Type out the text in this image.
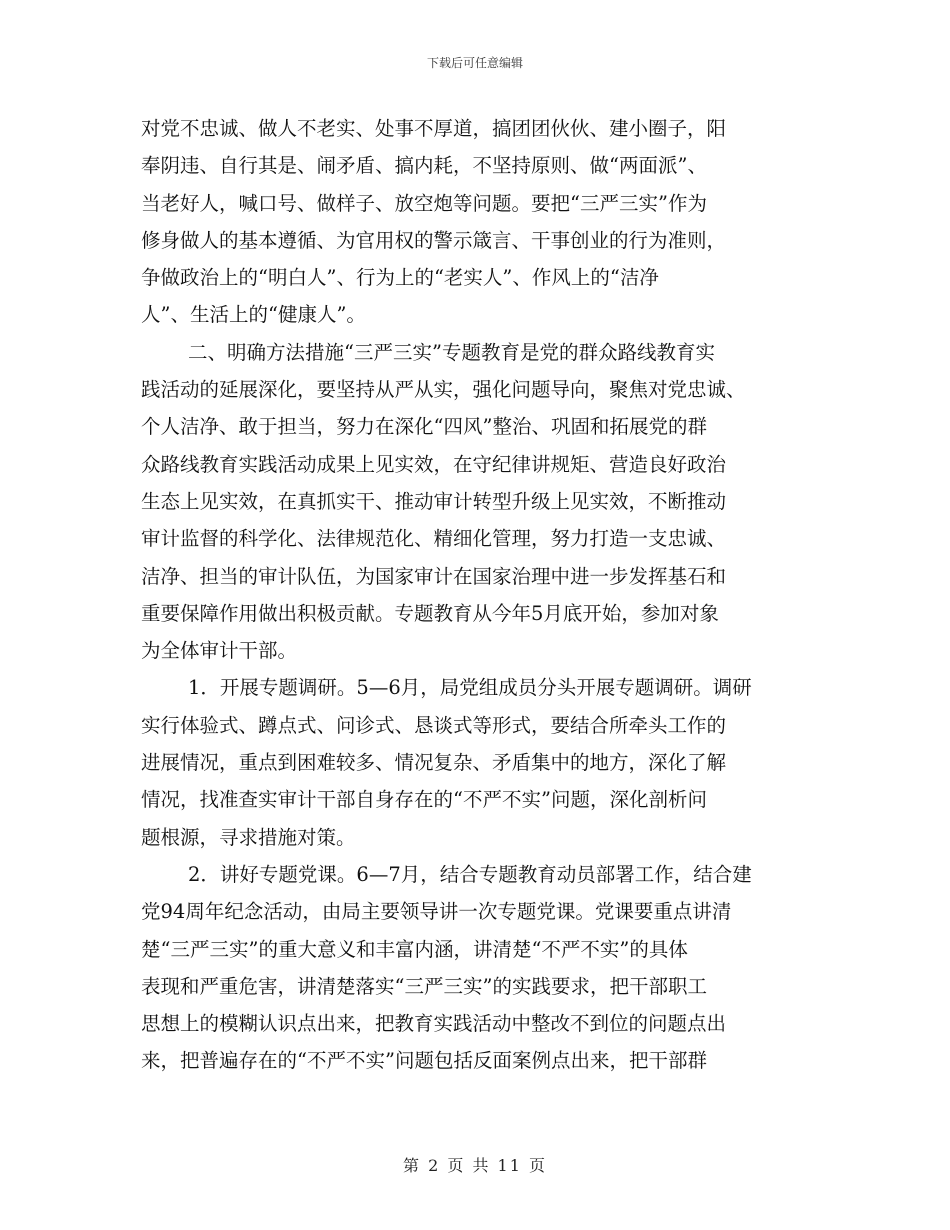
下载后可任意编辑
对党不忠诚、做人不老实、处事不厚道，搞团团伙伙、建小圈子，阳
奉阴违、自行其是、闹矛盾、搞内耗，不坚持原则、做“两面派”、
当老好人，喊口号、做样子、放空炮等问题。要把“三严三实”作为
修身做人的基本遵循、为官用权的警示箴言、干事创业的行为准则，
争做政治上的“明白人”、行为上的“老实人”、作风上的“洁净
人”、生活上的“健康人”。
二、明确方法措施“三严三实”专题教育是党的群众路线教育实
践活动的延展深化，要坚持从严从实，强化问题导向，聚焦对党忠诚、
个人洁净、敢于担当，努力在深化“四风”整治、巩固和拓展党的群
众路线教育实践活动成果上见实效，在守纪律讲规矩、营造良好政治
生态上见实效，在真抓实干、推动审计转型升级上见实效，不断推动
审计监督的科学化、法律规范化、精细化管理，努力打造一支忠诚、
洁净、担当的审计队伍，为国家审计在国家治理中进一步发挥基石和
重要保障作用做出积极贡献。专题教育从今年5月底开始，参加对象
为全体审计干部。
1．开展专题调研。5—6月，局党组成员分头开展专题调研。调研
实行体验式、蹲点式、问诊式、恳谈式等形式，要结合所牵头工作的
进展情况，重点到困难较多、情况复杂、矛盾集中的地方，深化了解
情况，找准查实审计干部自身存在的“不严不实”问题，深化剖析问
题根源，寻求措施对策。
2．讲好专题党课。6—7月，结合专题教育动员部署工作，结合建
党94周年纪念活动，由局主要领导讲一次专题党课。党课要重点讲清
楚“三严三实”的重大意义和丰富内涵，讲清楚“不严不实”的具体
表现和严重危害，讲清楚落实“三严三实”的实践要求，把干部职工
思想上的模糊认识点出来，把教育实践活动中整改不到位的问题点出
来，把普遍存在的“不严不实”问题包括反面案例点出来，把干部群
第 2 页 共 11 页
